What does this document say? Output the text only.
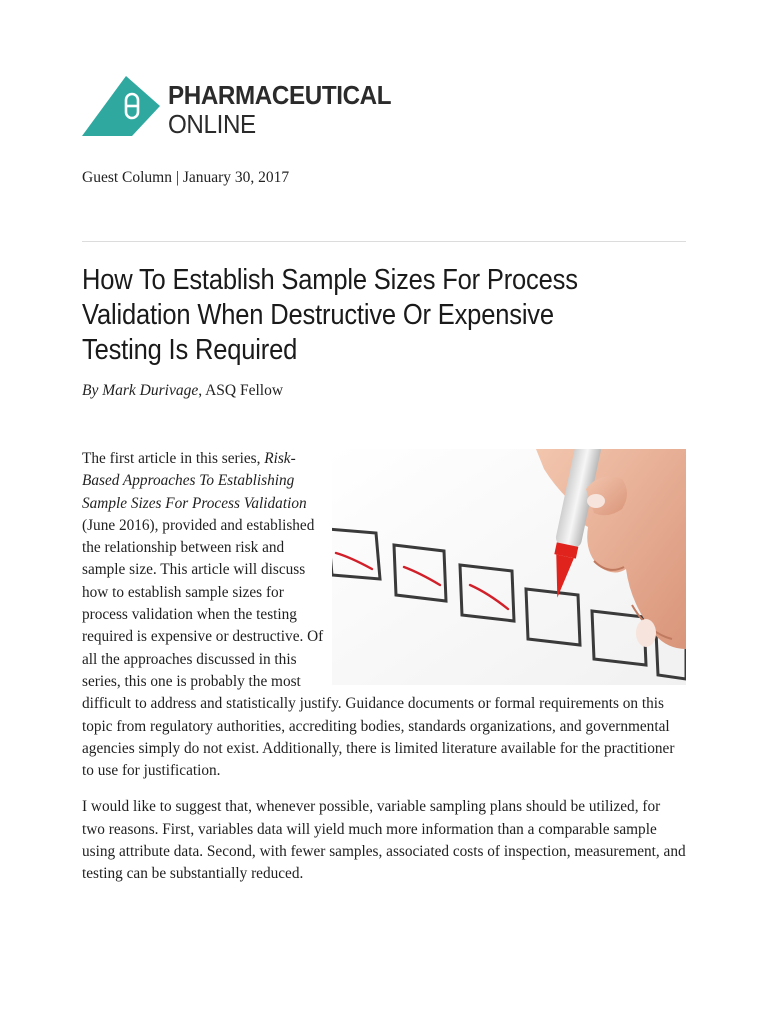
PHARMACEUTICAL
ONLINE
Guest Column | January 30, 2017
How To Establish Sample Sizes For Process
Validation When Destructive Or Expensive
Testing Is Required
By Mark Durivage, ASQ Fellow

The first article in this series, Risk-Based Approaches To Establishing Sample Sizes For Process Validation (June 2016), provided and established the relationship between risk and sample size. This article will discuss how to establish sample sizes for process validation when the testing required is expensive or destructive. Of all the approaches discussed in this series, this one is probably the most difficult to address and statistically justify. Guidance documents or formal requirements on this topic from regulatory authorities, accrediting bodies, standards organizations, and governmental agencies simply do not exist. Additionally, there is limited literature available for the practitioner to use for justification.

I would like to suggest that, whenever possible, variable sampling plans should be utilized, for two reasons. First, variables data will yield much more information than a comparable sample using attribute data. Second, with fewer samples, associated costs of inspection, measurement, and testing can be substantially reduced.
